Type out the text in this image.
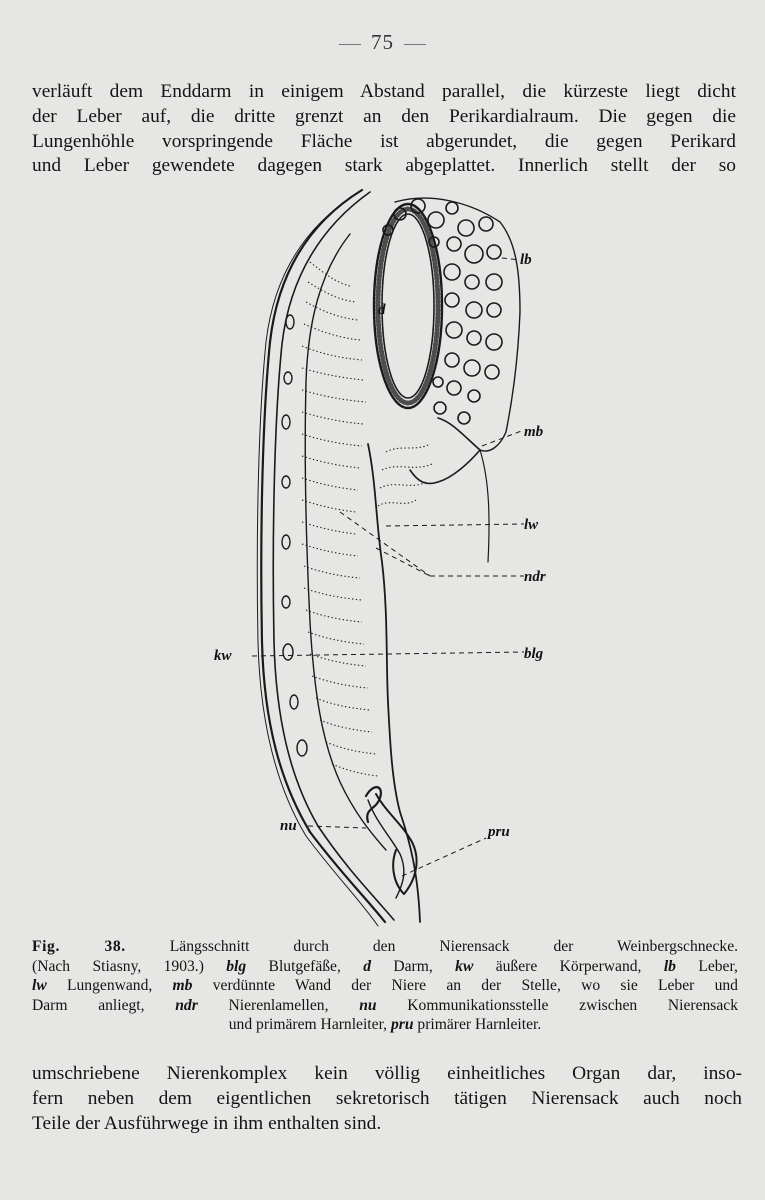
75

verläuft dem Enddarm in einigem Abstand parallel, die kürzeste liegt dicht
der Leber auf, die dritte grenzt an den Perikardialraum. Die gegen die
Lungenhöhle vorspringende Fläche ist abgerundet, die gegen Perikard
und Leber gewendete dagegen stark abgeplattet. Innerlich stellt der so

d
lb
mb
lw
ndr
blg
kw
nu	pru

Fig. 38.	Längsschnitt durch den Nierensack der Weinbergschnecke.
(Nach Stiasny, 1903.) blg Blutgefäße, d Darm, kw äußere Körperwand, lb Leber,
lw Lungenwand, mb verdünnte Wand der Niere an der Stelle, wo sie Leber und
Darm anliegt, ndr Nierenlamellen, nu Kommunikationsstelle zwischen Nierensack
und primärem Harnleiter, pru primärer Harnleiter.

umschriebene Nierenkomplex kein völlig einheitliches Organ dar, inso-
fern neben dem eigentlichen sekretorisch tätigen Nierensack auch noch
Teile der Ausführwege in ihm enthalten sind.
